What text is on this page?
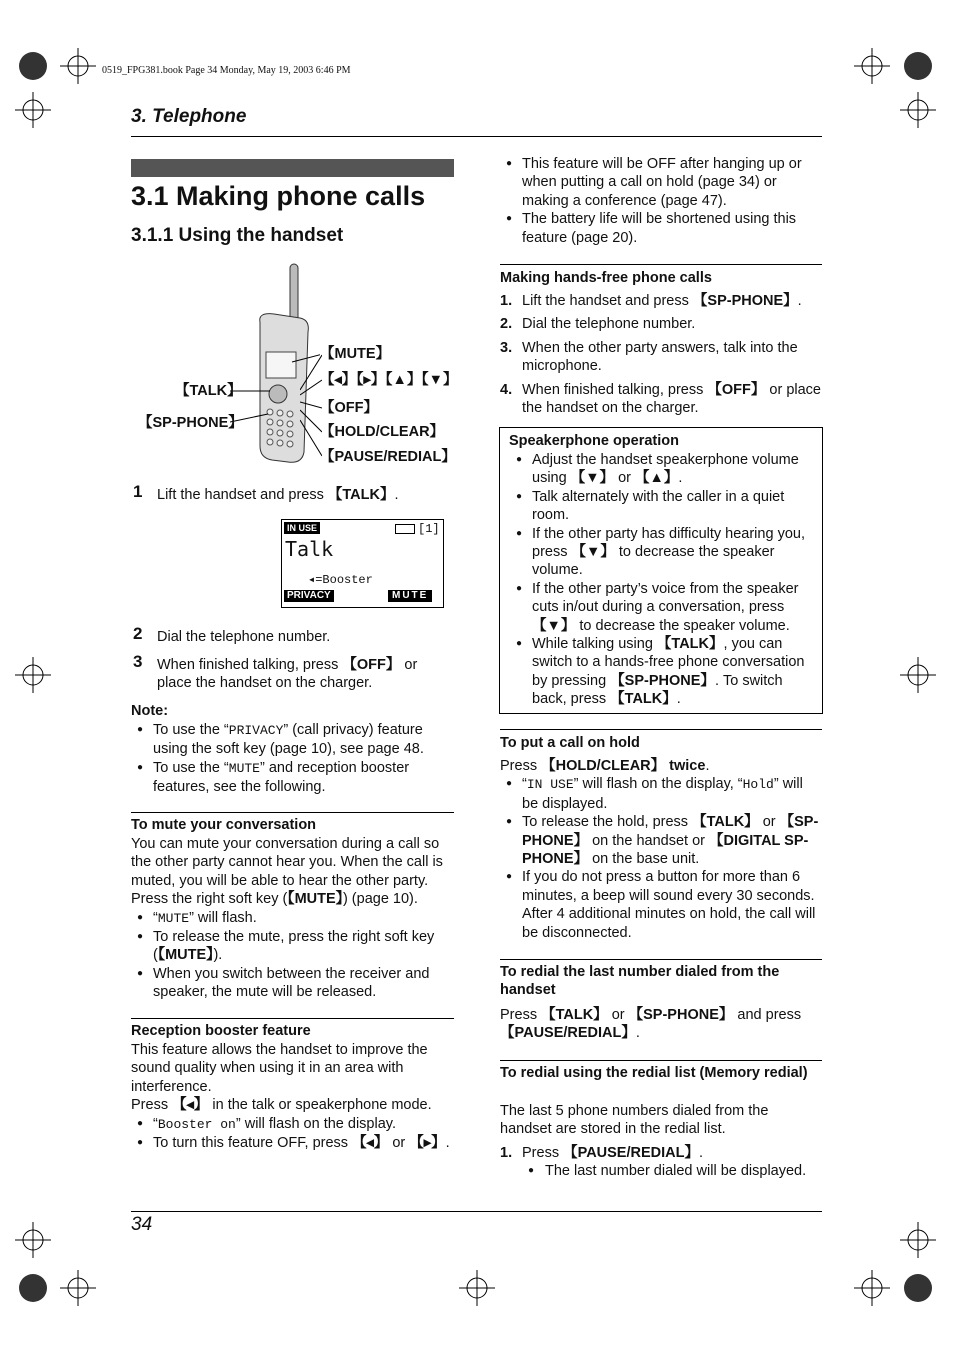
0519_FPG381.book Page 34 Monday, May 19, 2003 6:46 PM
3. Telephone
3.1 Making phone calls
3.1.1 Using the handset
【MUTE】
【◂】【▸】【▲】【▼】
【OFF】
【HOLD/CLEAR】
【PAUSE/REDIAL】
【TALK】
【SP-PHONE】
1 Lift the handset and press 【TALK】.
IN USE	[1]
Talk
◂=Booster
PRIVACY	MUTE
2 Dial the telephone number.
3 When finished talking, press 【OFF】 or place the handset on the charger.
Note:

● To use the “PRIVACY” (call privacy) feature using the soft key (page 10), see page 48.

● To use the “MUTE” and reception booster features, see the following.

To mute your conversation
You can mute your conversation during a call so the other party cannot hear you. When the call is muted, you will be able to hear the other party. Press the right soft key (【MUTE】) (page 10).

● “MUTE” will flash.

● To release the mute, press the right soft key (【MUTE】).

● When you switch between the receiver and speaker, the mute will be released.

Reception booster feature
This feature allows the handset to improve the sound quality when using it in an area with interference.
Press 【◂】 in the talk or speakerphone mode.

● “Booster on” will flash on the display.

● To turn this feature OFF, press 【◂】 or 【▸】.

● This feature will be OFF after hanging up or when putting a call on hold (page 34) or making a conference (page 47).

● The battery life will be shortened using this feature (page 20).

Making hands-free phone calls
1. Lift the handset and press 【SP-PHONE】.
2. Dial the telephone number.
3. When the other party answers, talk into the microphone.
4. When finished talking, press 【OFF】 or place the handset on the charger.
Speakerphone operation

● Adjust the handset speakerphone volume using 【▼】 or 【▲】.

● Talk alternately with the caller in a quiet room.

● If the other party has difficulty hearing you, press 【▼】 to decrease the speaker volume.

● If the other party’s voice from the speaker cuts in/out during a conversation, press 【▼】 to decrease the speaker volume.

● While talking using 【TALK】, you can switch to a hands-free phone conversation by pressing 【SP-PHONE】. To switch back, press 【TALK】.

To put a call on hold
Press 【HOLD/CLEAR】 twice.

● “IN USE” will flash on the display, “Hold” will be displayed.

● To release the hold, press 【TALK】 or 【SP-PHONE】 on the handset or 【DIGITAL SP-PHONE】 on the base unit.

● If you do not press a button for more than 6 minutes, a beep will sound every 30 seconds. After 4 additional minutes on hold, the call will be disconnected.

To redial the last number dialed from the handset
Press 【TALK】 or 【SP-PHONE】 and press 【PAUSE/REDIAL】.
To redial using the redial list (Memory redial)
The last 5 phone numbers dialed from the handset are stored in the redial list.
1. Press 【PAUSE/REDIAL】.

● The last number dialed will be displayed.

34
